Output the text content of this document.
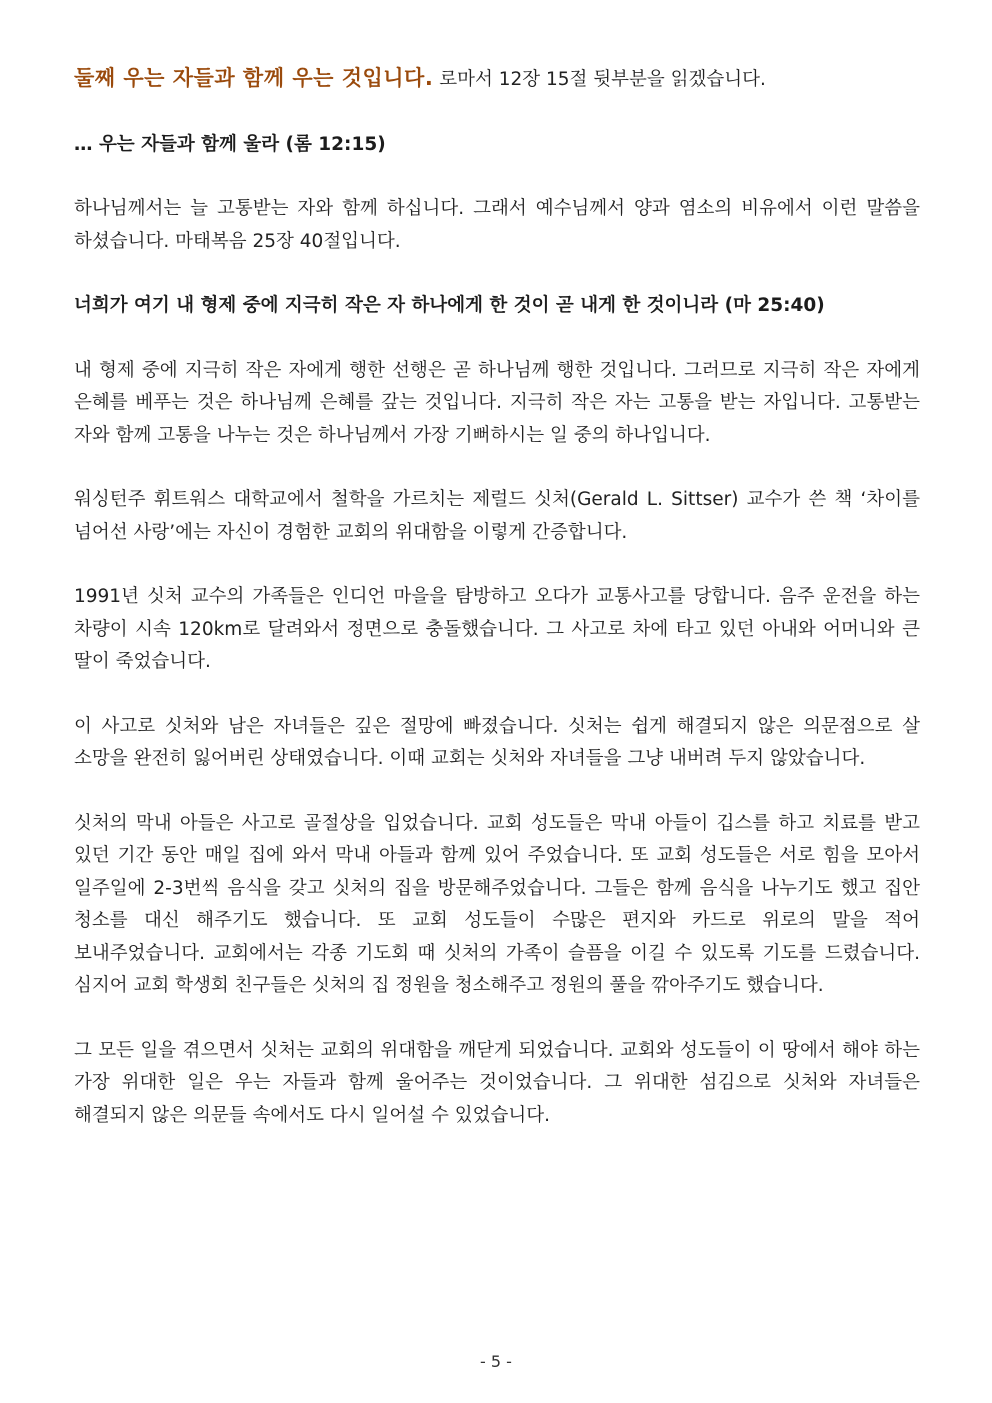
둘째 우는 자들과 함께 우는 것입니다. 로마서 12장 15절 뒷부분을 읽겠습니다.

… 우는 자들과 함께 울라 (롬 12:15)

하나님께서는 늘 고통받는 자와 함께 하십니다. 그래서 예수님께서 양과 염소의 비유에서 이런 말씀을 하셨습니다. 마태복음 25장 40절입니다.

너희가 여기 내 형제 중에 지극히 작은 자 하나에게 한 것이 곧 내게 한 것이니라 (마 25:40)

내 형제 중에 지극히 작은 자에게 행한 선행은 곧 하나님께 행한 것입니다. 그러므로 지극히 작은 자에게 은혜를 베푸는 것은 하나님께 은혜를 갚는 것입니다. 지극히 작은 자는 고통을 받는 자입니다. 고통받는 자와 함께 고통을 나누는 것은 하나님께서 가장 기뻐하시는 일 중의 하나입니다.

워싱턴주 휘트워스 대학교에서 철학을 가르치는 제럴드 싯처(Gerald L. Sittser) 교수가 쓴 책 ‘차이를 넘어선 사랑’에는 자신이 경험한 교회의 위대함을 이렇게 간증합니다.

1991년 싯처 교수의 가족들은 인디언 마을을 탐방하고 오다가 교통사고를 당합니다. 음주 운전을 하는 차량이 시속 120km로 달려와서 정면으로 충돌했습니다. 그 사고로 차에 타고 있던 아내와 어머니와 큰 딸이 죽었습니다.

이 사고로 싯처와 남은 자녀들은 깊은 절망에 빠졌습니다. 싯처는 쉽게 해결되지 않은 의문점으로 살 소망을 완전히 잃어버린 상태였습니다. 이때 교회는 싯처와 자녀들을 그냥 내버려 두지 않았습니다.

싯처의 막내 아들은 사고로 골절상을 입었습니다. 교회 성도들은 막내 아들이 깁스를 하고 치료를 받고 있던 기간 동안 매일 집에 와서 막내 아들과 함께 있어 주었습니다. 또 교회 성도들은 서로 힘을 모아서 일주일에 2-3번씩 음식을 갖고 싯처의 집을 방문해주었습니다. 그들은 함께 음식을 나누기도 했고 집안 청소를 대신 해주기도 했습니다. 또 교회 성도들이 수많은 편지와 카드로 위로의 말을 적어 보내주었습니다. 교회에서는 각종 기도회 때 싯처의 가족이 슬픔을 이길 수 있도록 기도를 드렸습니다. 심지어 교회 학생회 친구들은 싯처의 집 정원을 청소해주고 정원의 풀을 깎아주기도 했습니다.

그 모든 일을 겪으면서 싯처는 교회의 위대함을 깨닫게 되었습니다. 교회와 성도들이 이 땅에서 해야 하는 가장 위대한 일은 우는 자들과 함께 울어주는 것이었습니다. 그 위대한 섬김으로 싯처와 자녀들은 해결되지 않은 의문들 속에서도 다시 일어설 수 있었습니다.

- 5 -
